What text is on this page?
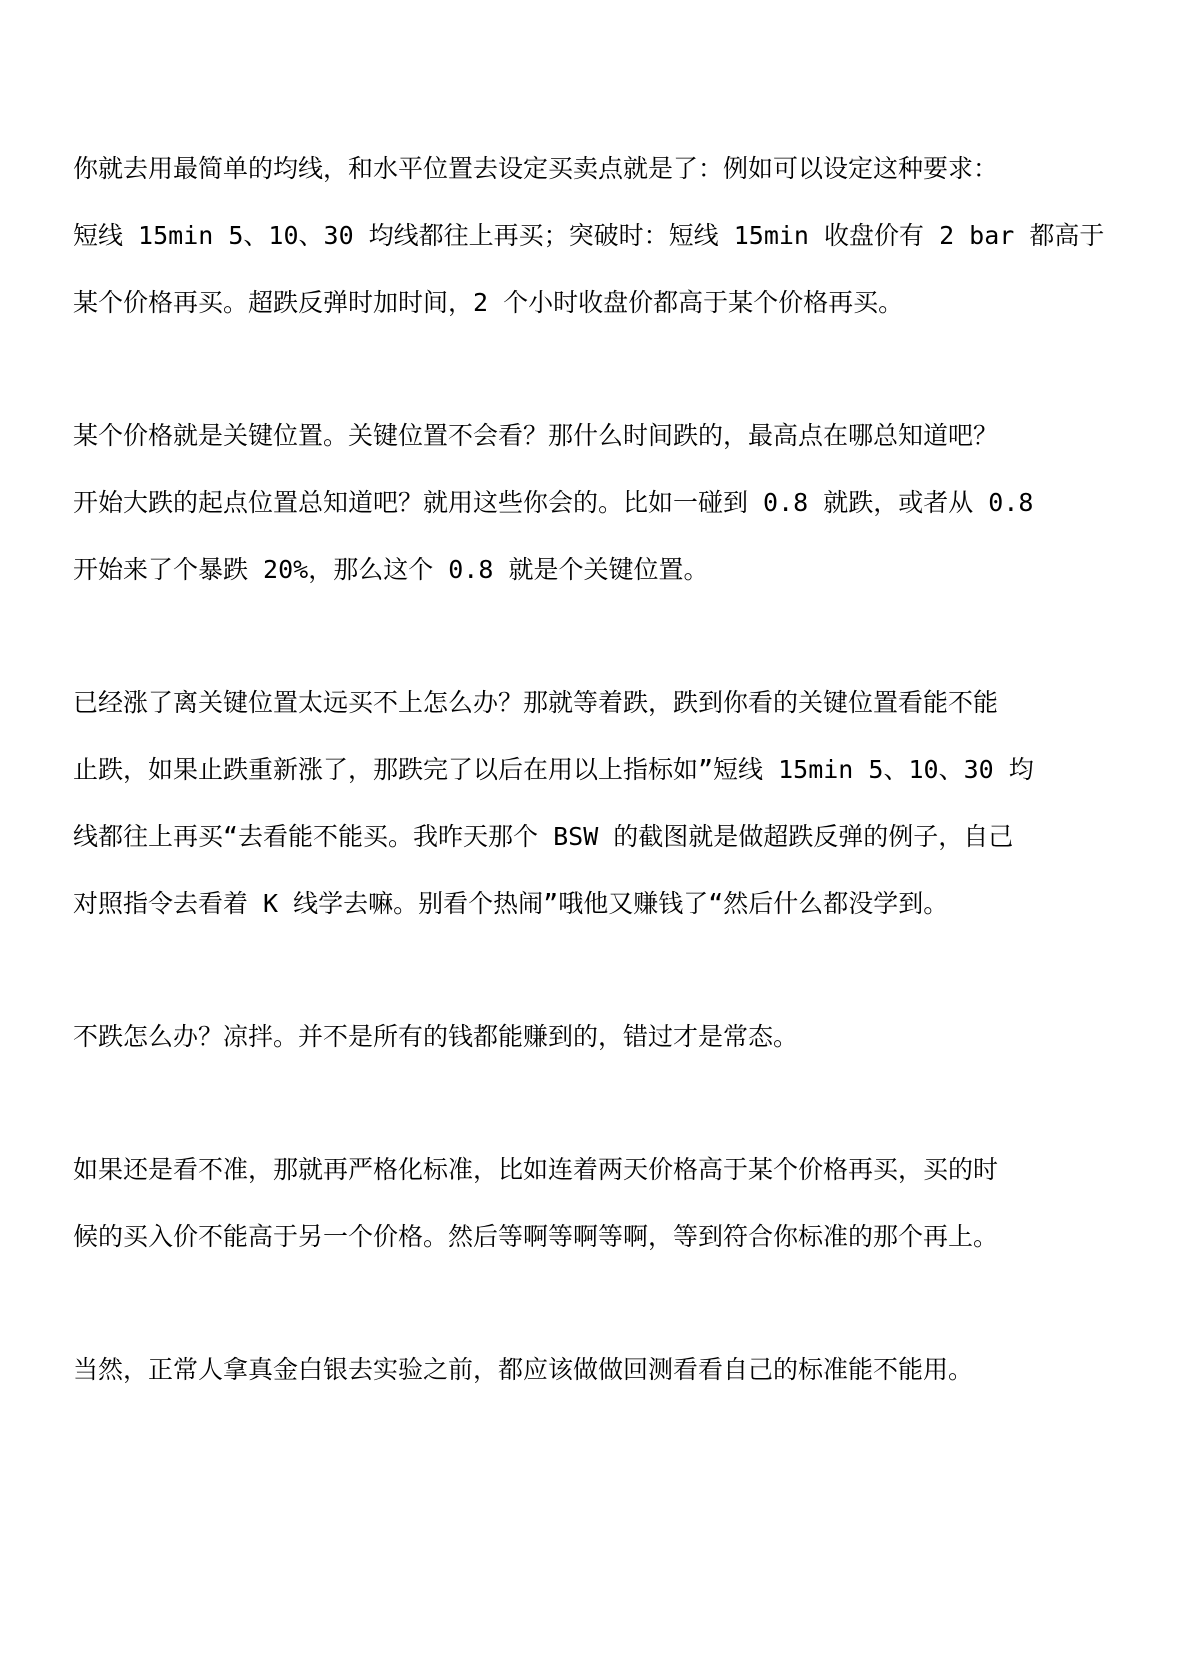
你就去用最简单的均线，和水平位置去设定买卖点就是了：例如可以设定这种要求：
短线 15min 5、10、30 均线都往上再买；突破时：短线 15min 收盘价有 2 bar 都高于
某个价格再买。超跌反弹时加时间，2 个小时收盘价都高于某个价格再买。
某个价格就是关键位置。关键位置不会看？那什么时间跌的，最高点在哪总知道吧？
开始大跌的起点位置总知道吧？就用这些你会的。比如一碰到 0.8 就跌，或者从 0.8
开始来了个暴跌 20%，那么这个 0.8 就是个关键位置。
已经涨了离关键位置太远买不上怎么办？那就等着跌，跌到你看的关键位置看能不能
止跌，如果止跌重新涨了，那跌完了以后在用以上指标如”短线 15min 5、10、30 均
线都往上再买“去看能不能买。我昨天那个 BSW 的截图就是做超跌反弹的例子，自己
对照指令去看着 K 线学去嘛。别看个热闹”哦他又赚钱了“然后什么都没学到。
不跌怎么办？凉拌。并不是所有的钱都能赚到的，错过才是常态。
如果还是看不准，那就再严格化标准，比如连着两天价格高于某个价格再买，买的时
候的买入价不能高于另一个价格。然后等啊等啊等啊，等到符合你标准的那个再上。
当然，正常人拿真金白银去实验之前，都应该做做回测看看自己的标准能不能用。
